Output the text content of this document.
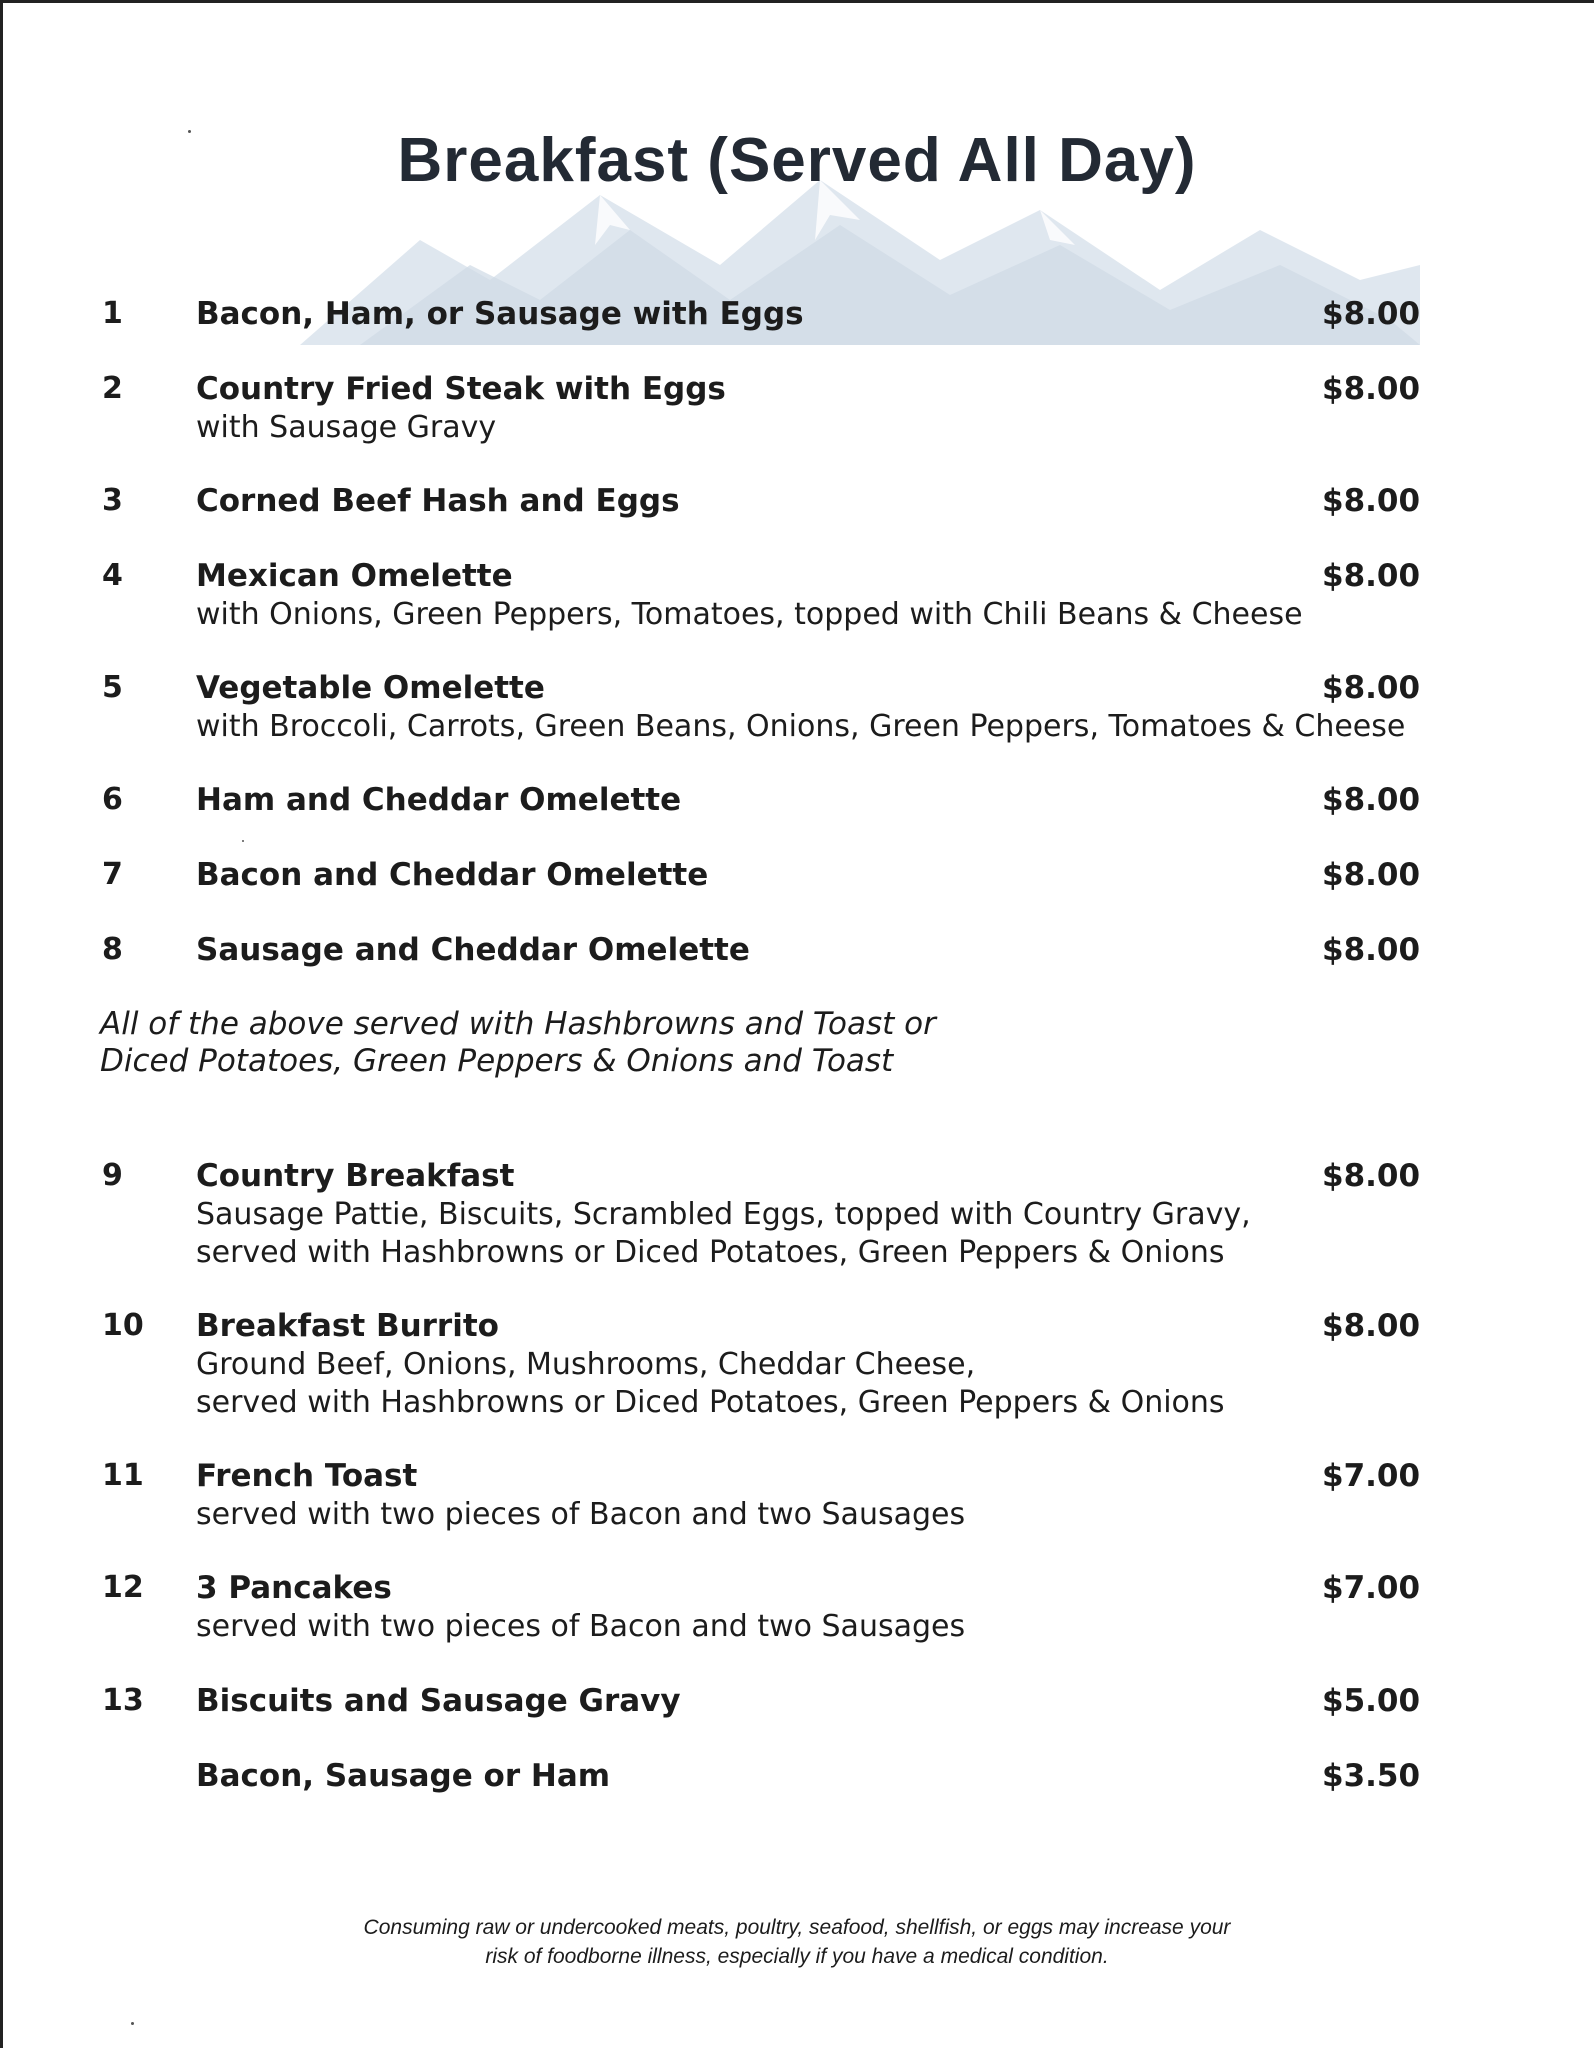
Breakfast (Served All Day)
1 Bacon, Ham, or Sausage with Eggs	$8.00
2 Country Fried Steak with Eggs	$8.00
with Sausage Gravy
3 Corned Beef Hash and Eggs	$8.00
4 Mexican Omelette	$8.00
with Onions, Green Peppers, Tomatoes, topped with Chili Beans & Cheese
5 Vegetable Omelette	$8.00
with Broccoli, Carrots, Green Beans, Onions, Green Peppers, Tomatoes & Cheese
6 Ham and Cheddar Omelette	$8.00
7 Bacon and Cheddar Omelette	$8.00
8 Sausage and Cheddar Omelette	$8.00
9 Country Breakfast	$8.00
Sausage Pattie, Biscuits, Scrambled Eggs, topped with Country Gravy,
served with Hashbrowns or Diced Potatoes, Green Peppers & Onions
10 Breakfast Burrito	$8.00
Ground Beef, Onions, Mushrooms, Cheddar Cheese,
served with Hashbrowns or Diced Potatoes, Green Peppers & Onions
11 French Toast	$7.00
served with two pieces of Bacon and two Sausages
12 3 Pancakes	$7.00
served with two pieces of Bacon and two Sausages
13 Biscuits and Sausage Gravy	$5.00
Bacon, Sausage or Ham	$3.50
All of the above served with Hashbrowns and Toast or
Diced Potatoes, Green Peppers & Onions and Toast
Consuming raw or undercooked meats, poultry, seafood, shellfish, or eggs may increase your
risk of foodborne illness, especially if you have a medical condition.
